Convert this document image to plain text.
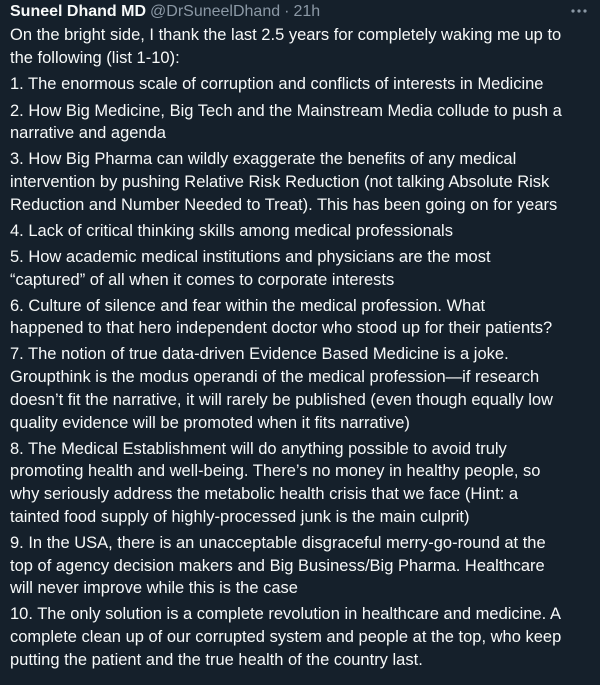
Suneel Dhand MD @DrSuneelDhand · 21h

On the bright side, I thank the last 2.5 years for completely waking me up to
the following (list 1-10):

1. The enormous scale of corruption and conflicts of interests in Medicine

2. How Big Medicine, Big Tech and the Mainstream Media collude to push a
narrative and agenda

3. How Big Pharma can wildly exaggerate the benefits of any medical
intervention by pushing Relative Risk Reduction (not talking Absolute Risk
Reduction and Number Needed to Treat). This has been going on for years

4. Lack of critical thinking skills among medical professionals

5. How academic medical institutions and physicians are the most
“captured” of all when it comes to corporate interests

6. Culture of silence and fear within the medical profession. What
happened to that hero independent doctor who stood up for their patients?

7. The notion of true data-driven Evidence Based Medicine is a joke.
Groupthink is the modus operandi of the medical profession—if research
doesn’t fit the narrative, it will rarely be published (even though equally low
quality evidence will be promoted when it fits narrative)

8. The Medical Establishment will do anything possible to avoid truly
promoting health and well-being. There’s no money in healthy people, so
why seriously address the metabolic health crisis that we face (Hint: a
tainted food supply of highly-processed junk is the main culprit)

9. In the USA, there is an unacceptable disgraceful merry-go-round at the
top of agency decision makers and Big Business/Big Pharma. Healthcare
will never improve while this is the case

10. The only solution is a complete revolution in healthcare and medicine. A
complete clean up of our corrupted system and people at the top, who keep
putting the patient and the true health of the country last.
